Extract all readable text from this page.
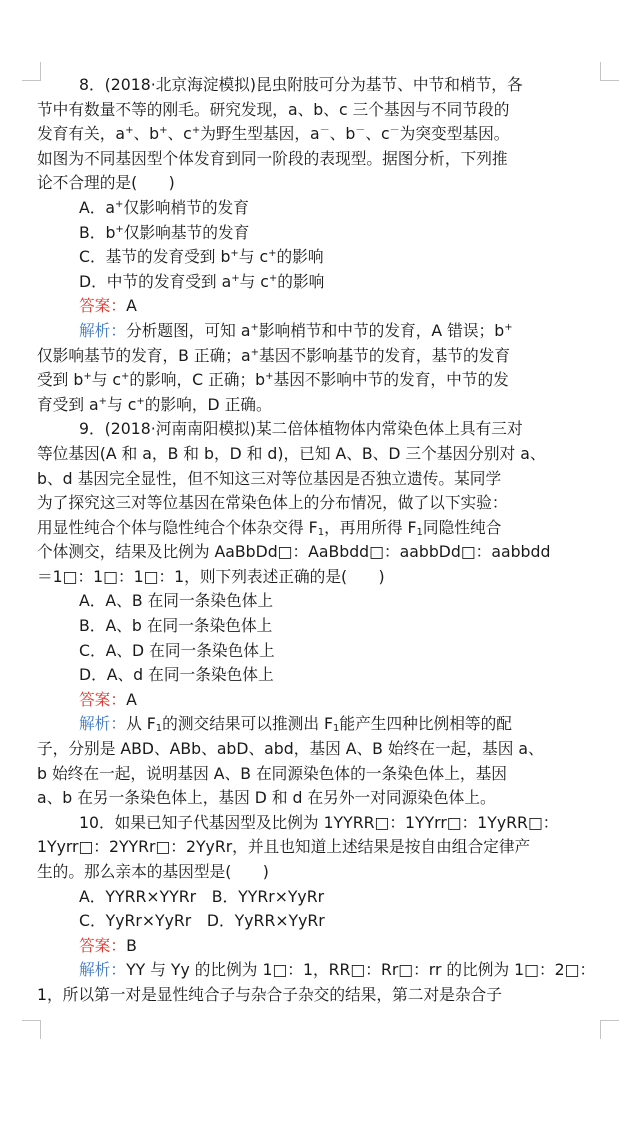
8．(2018·北京海淀模拟)昆虫附肢可分为基节、中节和梢节，各
节中有数量不等的刚毛。研究发现，a、b、c 三个基因与不同节段的
发育有关，a+、b+、c+为野生型基因，a－、b－、c－为突变型基因。
如图为不同基因型个体发育到同一阶段的表现型。据图分析，下列推
论不合理的是(　　)
A．a+仅影响梢节的发育
B．b+仅影响基节的发育
C．基节的发育受到 b+与 c+的影响
D．中节的发育受到 a+与 c+的影响
答案：A
解析：分析题图，可知 a+影响梢节和中节的发育，A 错误；b+
仅影响基节的发育，B 正确；a+基因不影响基节的发育，基节的发育
受到 b+与 c+的影响，C 正确；b+基因不影响中节的发育，中节的发
育受到 a+与 c+的影响，D 正确。
9．(2018·河南南阳模拟)某二倍体植物体内常染色体上具有三对
等位基因(A 和 a，B 和 b，D 和 d)，已知 A、B、D 三个基因分别对 a、
b、d 基因完全显性，但不知这三对等位基因是否独立遗传。某同学
为了探究这三对等位基因在常染色体上的分布情况，做了以下实验：
用显性纯合个体与隐性纯合个体杂交得 $F_1$，再用所得 $F_1$同隐性纯合
个体测交，结果及比例为 AaBbDd□：AaBbdd□：aabbDd□：aabbdd
＝1□：1□：1□：1，则下列表述正确的是(　　)
A．A、B 在同一条染色体上
B．A、b 在同一条染色体上
C．A、D 在同一条染色体上
D．A、d 在同一条染色体上
答案：A
解析：从 $F_1$的测交结果可以推测出 $F_1$能产生四种比例相等的配
子，分别是 ABD、ABb、abD、abd，基因 A、B 始终在一起，基因 a、
b 始终在一起，说明基因 A、B 在同源染色体的一条染色体上，基因
a、b 在另一条染色体上，基因 D 和 d 在另外一对同源染色体上。
10．如果已知子代基因型及比例为 1YYRR□：1YYrr□：1YyRR□：
1Yyrr□：2YYRr□：2YyRr，并且也知道上述结果是按自由组合定律产
生的。那么亲本的基因型是(　　)
A．YYRR×YYRr　B．YYRr×YyRr
C．YyRr×YyRr　D．YyRR×YyRr
答案：B
解析：YY 与 Yy 的比例为 1□：1，RR□：Rr□：rr 的比例为 1□：2□：
1，所以第一对是显性纯合子与杂合子杂交的结果，第二对是杂合子
